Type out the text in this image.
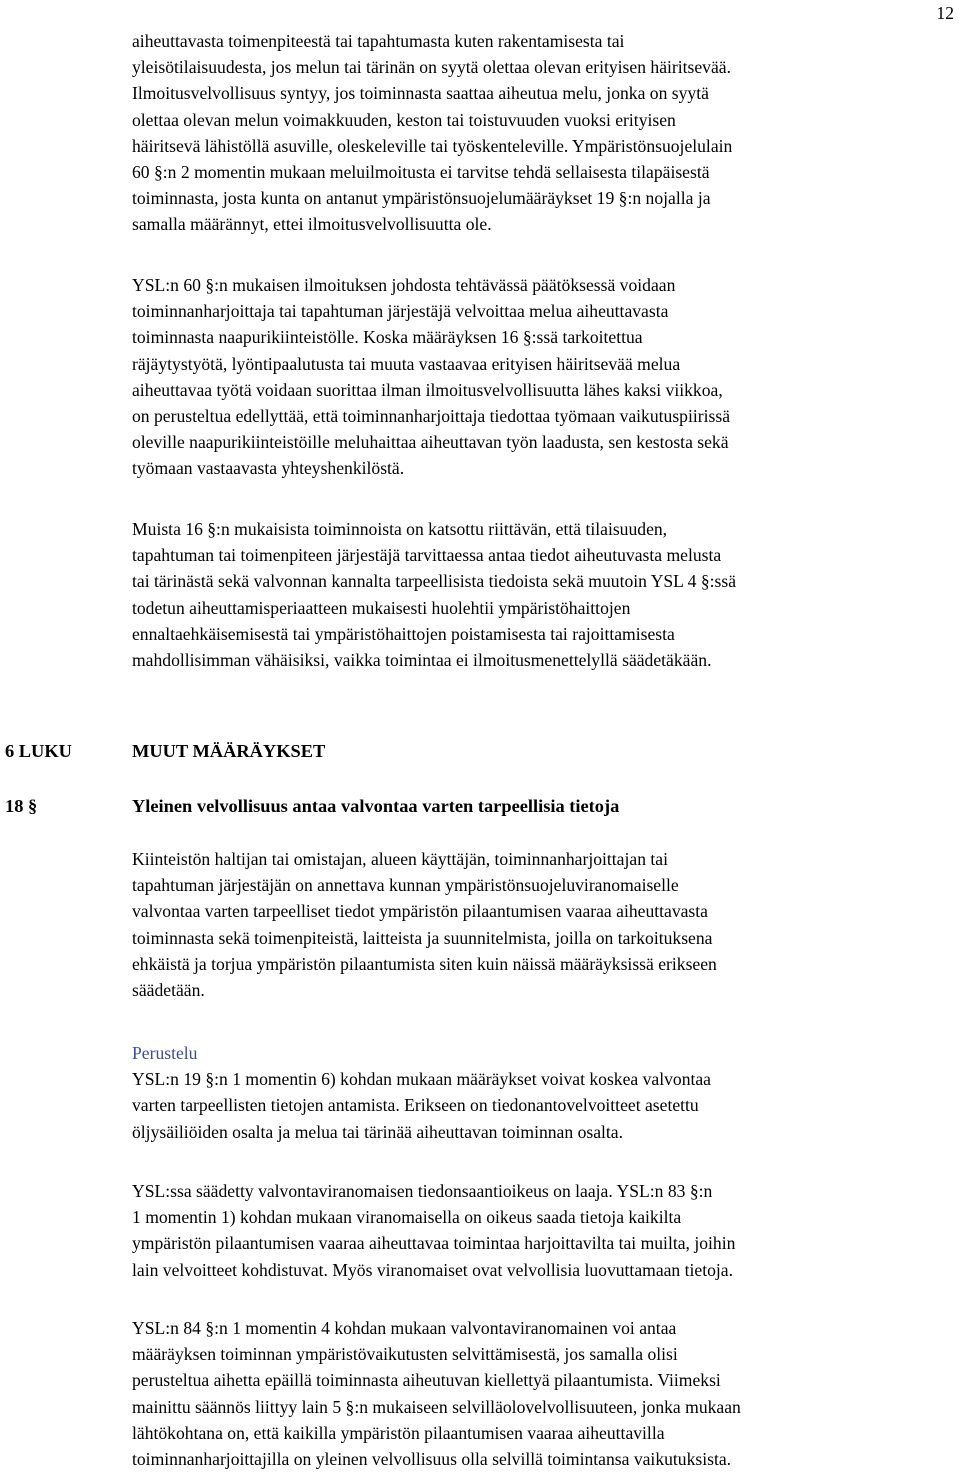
12
aiheuttavasta toimenpiteestä tai tapahtumasta kuten rakentamisesta tai
yleisötilaisuudesta, jos melun tai tärinän on syytä olettaa olevan erityisen häiritsevää.
Ilmoitusvelvollisuus syntyy, jos toiminnasta saattaa aiheutua melu, jonka on syytä
olettaa olevan melun voimakkuuden, keston tai toistuvuuden vuoksi erityisen
häiritsevä lähistöllä asuville, oleskeleville tai työskenteleville. Ympäristönsuojelulain
60 §:n 2 momentin mukaan meluilmoitusta ei tarvitse tehdä sellaisesta tilapäisestä
toiminnasta, josta kunta on antanut ympäristönsuojelumääräykset 19 §:n nojalla ja
samalla määrännyt, ettei ilmoitusvelvollisuutta ole.
YSL:n 60 §:n mukaisen ilmoituksen johdosta tehtävässä päätöksessä voidaan
toiminnanharjoittaja tai tapahtuman järjestäjä velvoittaa melua aiheuttavasta
toiminnasta naapurikiinteistölle. Koska määräyksen 16 §:ssä tarkoitettua
räjäytystyötä, lyöntipaalutusta tai muuta vastaavaa erityisen häiritsevää melua
aiheuttavaa työtä voidaan suorittaa ilman ilmoitusvelvollisuutta lähes kaksi viikkoa,
on perusteltua edellyttää, että toiminnanharjoittaja tiedottaa työmaan vaikutuspiirissä
oleville naapurikiinteistöille meluhaittaa aiheuttavan työn laadusta, sen kestosta sekä
työmaan vastaavasta yhteyshenkilöstä.
Muista 16 §:n mukaisista toiminnoista on katsottu riittävän, että tilaisuuden,
tapahtuman tai toimenpiteen järjestäjä tarvittaessa antaa tiedot aiheutuvasta melusta
tai tärinästä sekä valvonnan kannalta tarpeellisista tiedoista sekä muutoin YSL 4 §:ssä
todetun aiheuttamisperiaatteen mukaisesti huolehtii ympäristöhaittojen
ennaltaehkäisemisestä tai ympäristöhaittojen poistamisesta tai rajoittamisesta
mahdollisimman vähäisiksi, vaikka toimintaa ei ilmoitusmenettelyllä säädetäkään.
6 LUKU	MUUT MÄÄRÄYKSET
18 §	Yleinen velvollisuus antaa valvontaa varten tarpeellisia tietoja
Kiinteistön haltijan tai omistajan, alueen käyttäjän, toiminnanharjoittajan tai
tapahtuman järjestäjän on annettava kunnan ympäristönsuojeluviranomaiselle
valvontaa varten tarpeelliset tiedot ympäristön pilaantumisen vaaraa aiheuttavasta
toiminnasta sekä toimenpiteistä, laitteista ja suunnitelmista, joilla on tarkoituksena
ehkäistä ja torjua ympäristön pilaantumista siten kuin näissä määräyksissä erikseen
säädetään.
Perustelu
YSL:n 19 §:n 1 momentin 6) kohdan mukaan määräykset voivat koskea valvontaa
varten tarpeellisten tietojen antamista. Erikseen on tiedonantovelvoitteet asetettu
öljysäiliöiden osalta ja melua tai tärinää aiheuttavan toiminnan osalta.
YSL:ssa säädetty valvontaviranomaisen tiedonsaantioikeus on laaja. YSL:n 83 §:n
1 momentin 1) kohdan mukaan viranomaisella on oikeus saada tietoja kaikilta
ympäristön pilaantumisen vaaraa aiheuttavaa toimintaa harjoittavilta tai muilta, joihin
lain velvoitteet kohdistuvat. Myös viranomaiset ovat velvollisia luovuttamaan tietoja.
YSL:n 84 §:n 1 momentin 4 kohdan mukaan valvontaviranomainen voi antaa
määräyksen toiminnan ympäristövaikutusten selvittämisestä, jos samalla olisi
perusteltua aihetta epäillä toiminnasta aiheutuvan kiellettyä pilaantumista. Viimeksi
mainittu säännös liittyy lain 5 §:n mukaiseen selvilläolovelvollisuuteen, jonka mukaan
lähtökohtana on, että kaikilla ympäristön pilaantumisen vaaraa aiheuttavilla
toiminnanharjoittajilla on yleinen velvollisuus olla selvillä toimintansa vaikutuksista.
